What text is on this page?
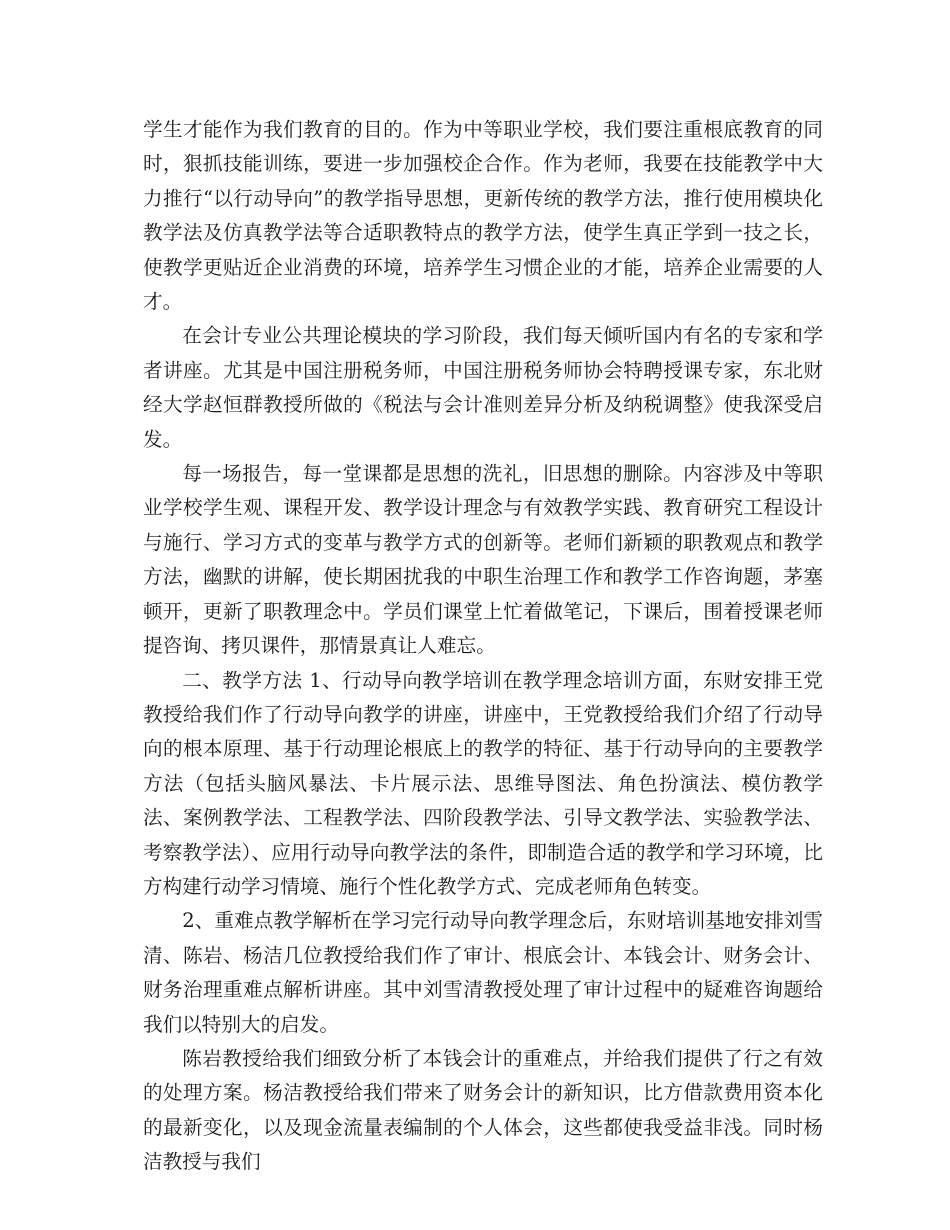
学生才能作为我们教育的目的。作为中等职业学校，我们要注重根底教育的同时，狠抓技能训练，要进一步加强校企合作。作为老师，我要在技能教学中大力推行“以行动导向”的教学指导思想，更新传统的教学方法，推行使用模块化教学法及仿真教学法等合适职教特点的教学方法，使学生真正学到一技之长，使教学更贴近企业消费的环境，培养学生习惯企业的才能，培养企业需要的人才。

在会计专业公共理论模块的学习阶段，我们每天倾听国内有名的专家和学者讲座。尤其是中国注册税务师，中国注册税务师协会特聘授课专家，东北财经大学赵恒群教授所做的《税法与会计准则差异分析及纳税调整》使我深受启发。

每一场报告，每一堂课都是思想的洗礼，旧思想的删除。内容涉及中等职业学校学生观、课程开发、教学设计理念与有效教学实践、教育研究工程设计与施行、学习方式的变革与教学方式的创新等。老师们新颖的职教观点和教学方法，幽默的讲解，使长期困扰我的中职生治理工作和教学工作咨询题，茅塞顿开，更新了职教理念中。学员们课堂上忙着做笔记，下课后，围着授课老师提咨询、拷贝课件，那情景真让人难忘。

二、教学方法 1、行动导向教学培训在教学理念培训方面，东财安排王党教授给我们作了行动导向教学的讲座，讲座中，王党教授给我们介绍了行动导向的根本原理、基于行动理论根底上的教学的特征、基于行动导向的主要教学方法（包括头脑风暴法、卡片展示法、思维导图法、角色扮演法、模仿教学法、案例教学法、工程教学法、四阶段教学法、引导文教学法、实验教学法、考察教学法）、应用行动导向教学法的条件，即制造合适的教学和学习环境，比方构建行动学习情境、施行个性化教学方式、完成老师角色转变。

2、重难点教学解析在学习完行动导向教学理念后，东财培训基地安排刘雪清、陈岩、杨洁几位教授给我们作了审计、根底会计、本钱会计、财务会计、财务治理重难点解析讲座。其中刘雪清教授处理了审计过程中的疑难咨询题给我们以特别大的启发。

陈岩教授给我们细致分析了本钱会计的重难点，并给我们提供了行之有效的处理方案。杨洁教授给我们带来了财务会计的新知识，比方借款费用资本化的最新变化，以及现金流量表编制的个人体会，这些都使我受益非浅。同时杨洁教授与我们
